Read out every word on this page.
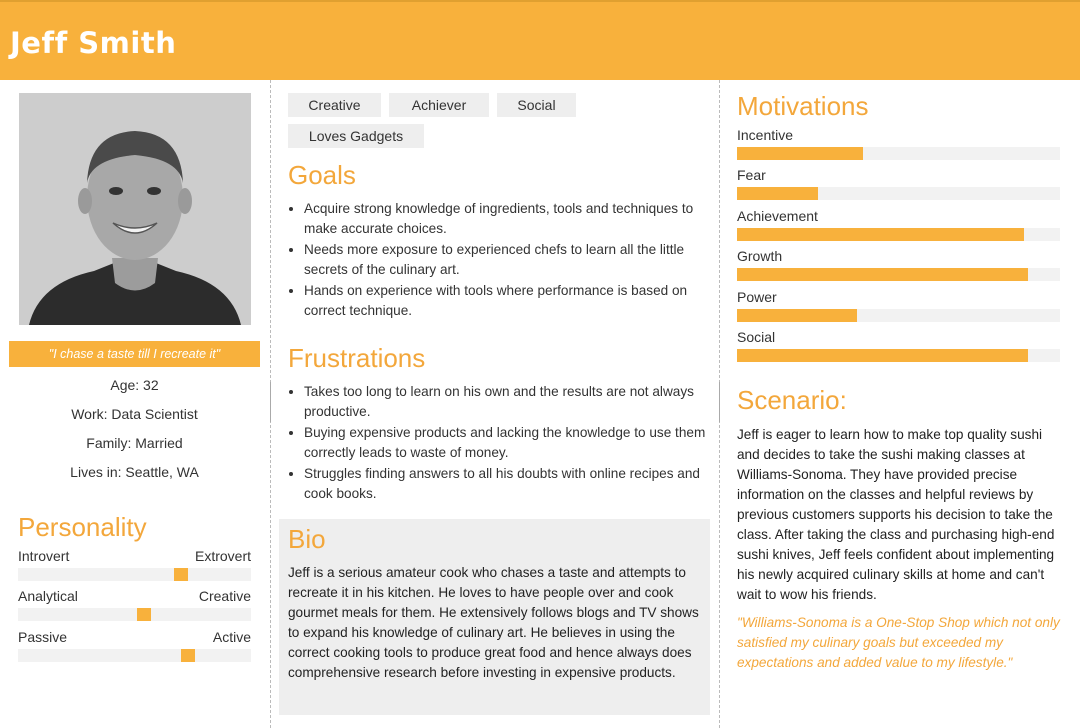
Jeff Smith
"I chase a taste till I recreate it"
Age: 32
Work: Data Scientist
Family: Married
Lives in: Seattle, WA
Personality
Introvert	Extrovert
Analytical	Creative
Passive	Active
Creative	Achiever	Social
Loves Gadgets
Goals
• Acquire strong knowledge of ingredients, tools and techniques to make accurate choices.
• Needs more exposure to experienced chefs to learn all the little secrets of the culinary art.
• Hands on experience with tools where performance is based on correct technique.
Frustrations
• Takes too long to learn on his own and the results are not always productive.
• Buying expensive products and lacking the knowledge to use them correctly leads to waste of money.
• Struggles finding answers to all his doubts with online recipes and cook books.
Bio
Jeff is a serious amateur cook who chases a taste and attempts to recreate it in his kitchen. He loves to have people over and cook gourmet meals for them. He extensively follows blogs and TV shows to expand his knowledge of culinary art. He believes in using the correct cooking tools to produce great food and hence always does comprehensive research before investing in expensive products.
Motivations
Incentive
Fear
Achievement
Growth
Power
Social
Scenario:
Jeff is eager to learn how to make top quality sushi and decides to take the sushi making classes at Williams-Sonoma. They have provided precise information on the classes and helpful reviews by previous customers supports his decision to take the class. After taking the class and purchasing high-end sushi knives, Jeff feels confident about implementing his newly acquired culinary skills at home and can't wait to wow his friends.
"Williams-Sonoma is a One-Stop Shop which not only satisfied my culinary goals but exceeded my expectations and added value to my lifestyle."
